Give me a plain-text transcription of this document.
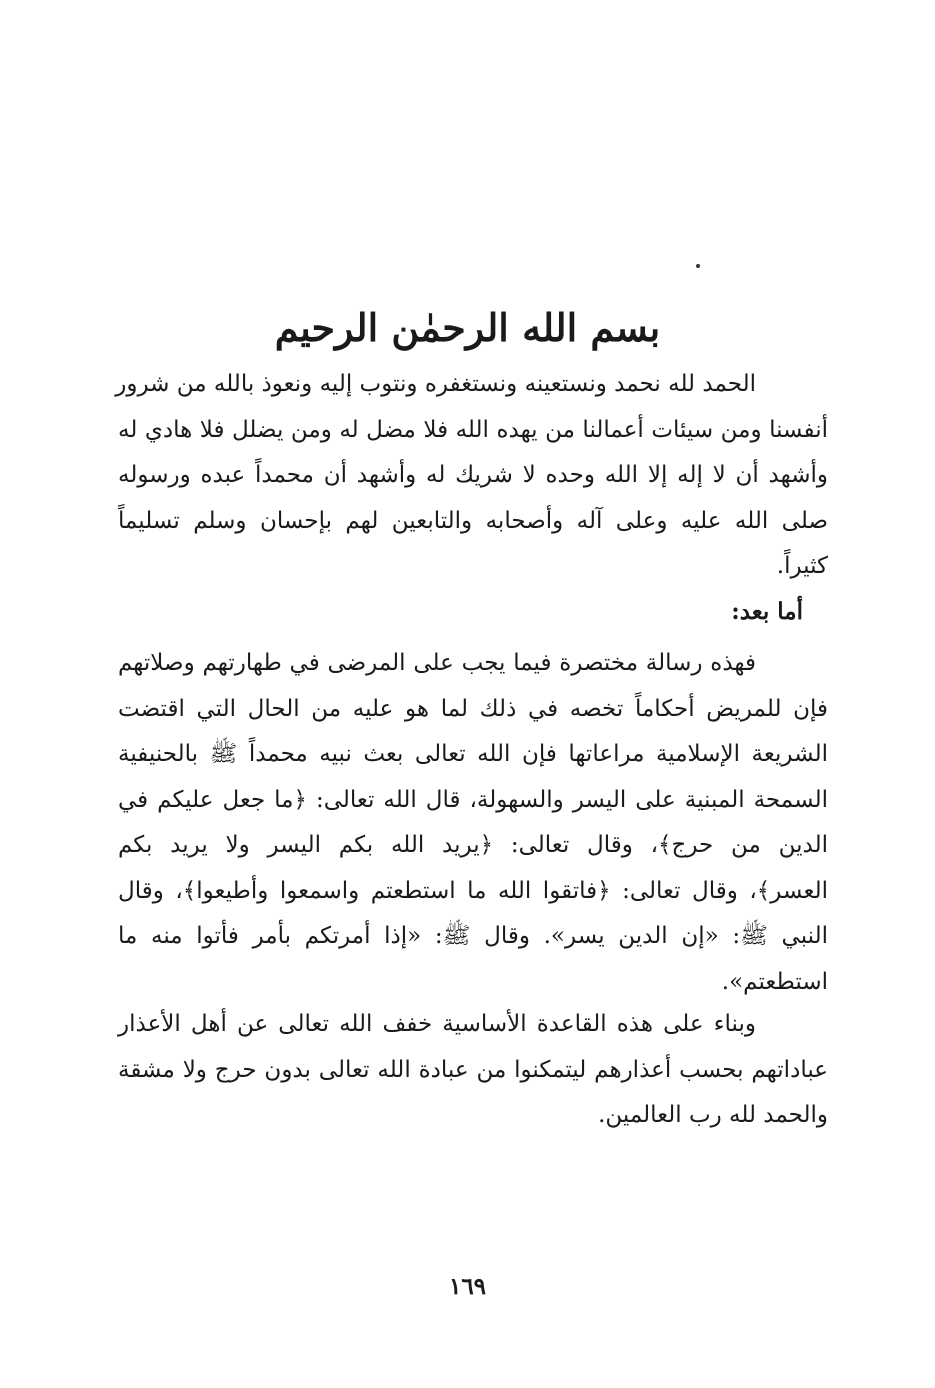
بسم الله الرحمٰن الرحيم
الحمد لله نحمد ونستعينه ونستغفره ونتوب إليه ونعوذ بالله من شرور
أنفسنا ومن سيئات أعمالنا من يهده الله فلا مضل له ومن يضلل فلا هادي له
وأشهد أن لا إله إلا الله وحده لا شريك له وأشهد أن محمداً عبده ورسوله
صلى الله عليه وعلى آله وأصحابه والتابعين لهم بإحسان وسلم تسليماً
كثيراً.
أما بعد:
فهذه رسالة مختصرة فيما يجب على المرضى في طهارتهم وصلاتهم
فإن للمريض أحكاماً تخصه في ذلك لما هو عليه من الحال التي اقتضت
الشريعة الإسلامية مراعاتها فإن الله تعالى بعث نبيه محمداً ﷺ بالحنيفية
السمحة المبنية على اليسر والسهولة، قال الله تعالى: ﴿ما جعل عليكم في
الدين من حرج﴾، وقال تعالى: ﴿يريد الله بكم اليسر ولا يريد بكم
العسر﴾، وقال تعالى: ﴿فاتقوا الله ما استطعتم واسمعوا وأطيعوا﴾، وقال
النبي ﷺ: «إن الدين يسر». وقال ﷺ: «إذا أمرتكم بأمر فأتوا منه ما
استطعتم».
وبناء على هذه القاعدة الأساسية خفف الله تعالى عن أهل الأعذار
عباداتهم بحسب أعذارهم ليتمكنوا من عبادة الله تعالى بدون حرج ولا مشقة
والحمد لله رب العالمين.
١٦٩
